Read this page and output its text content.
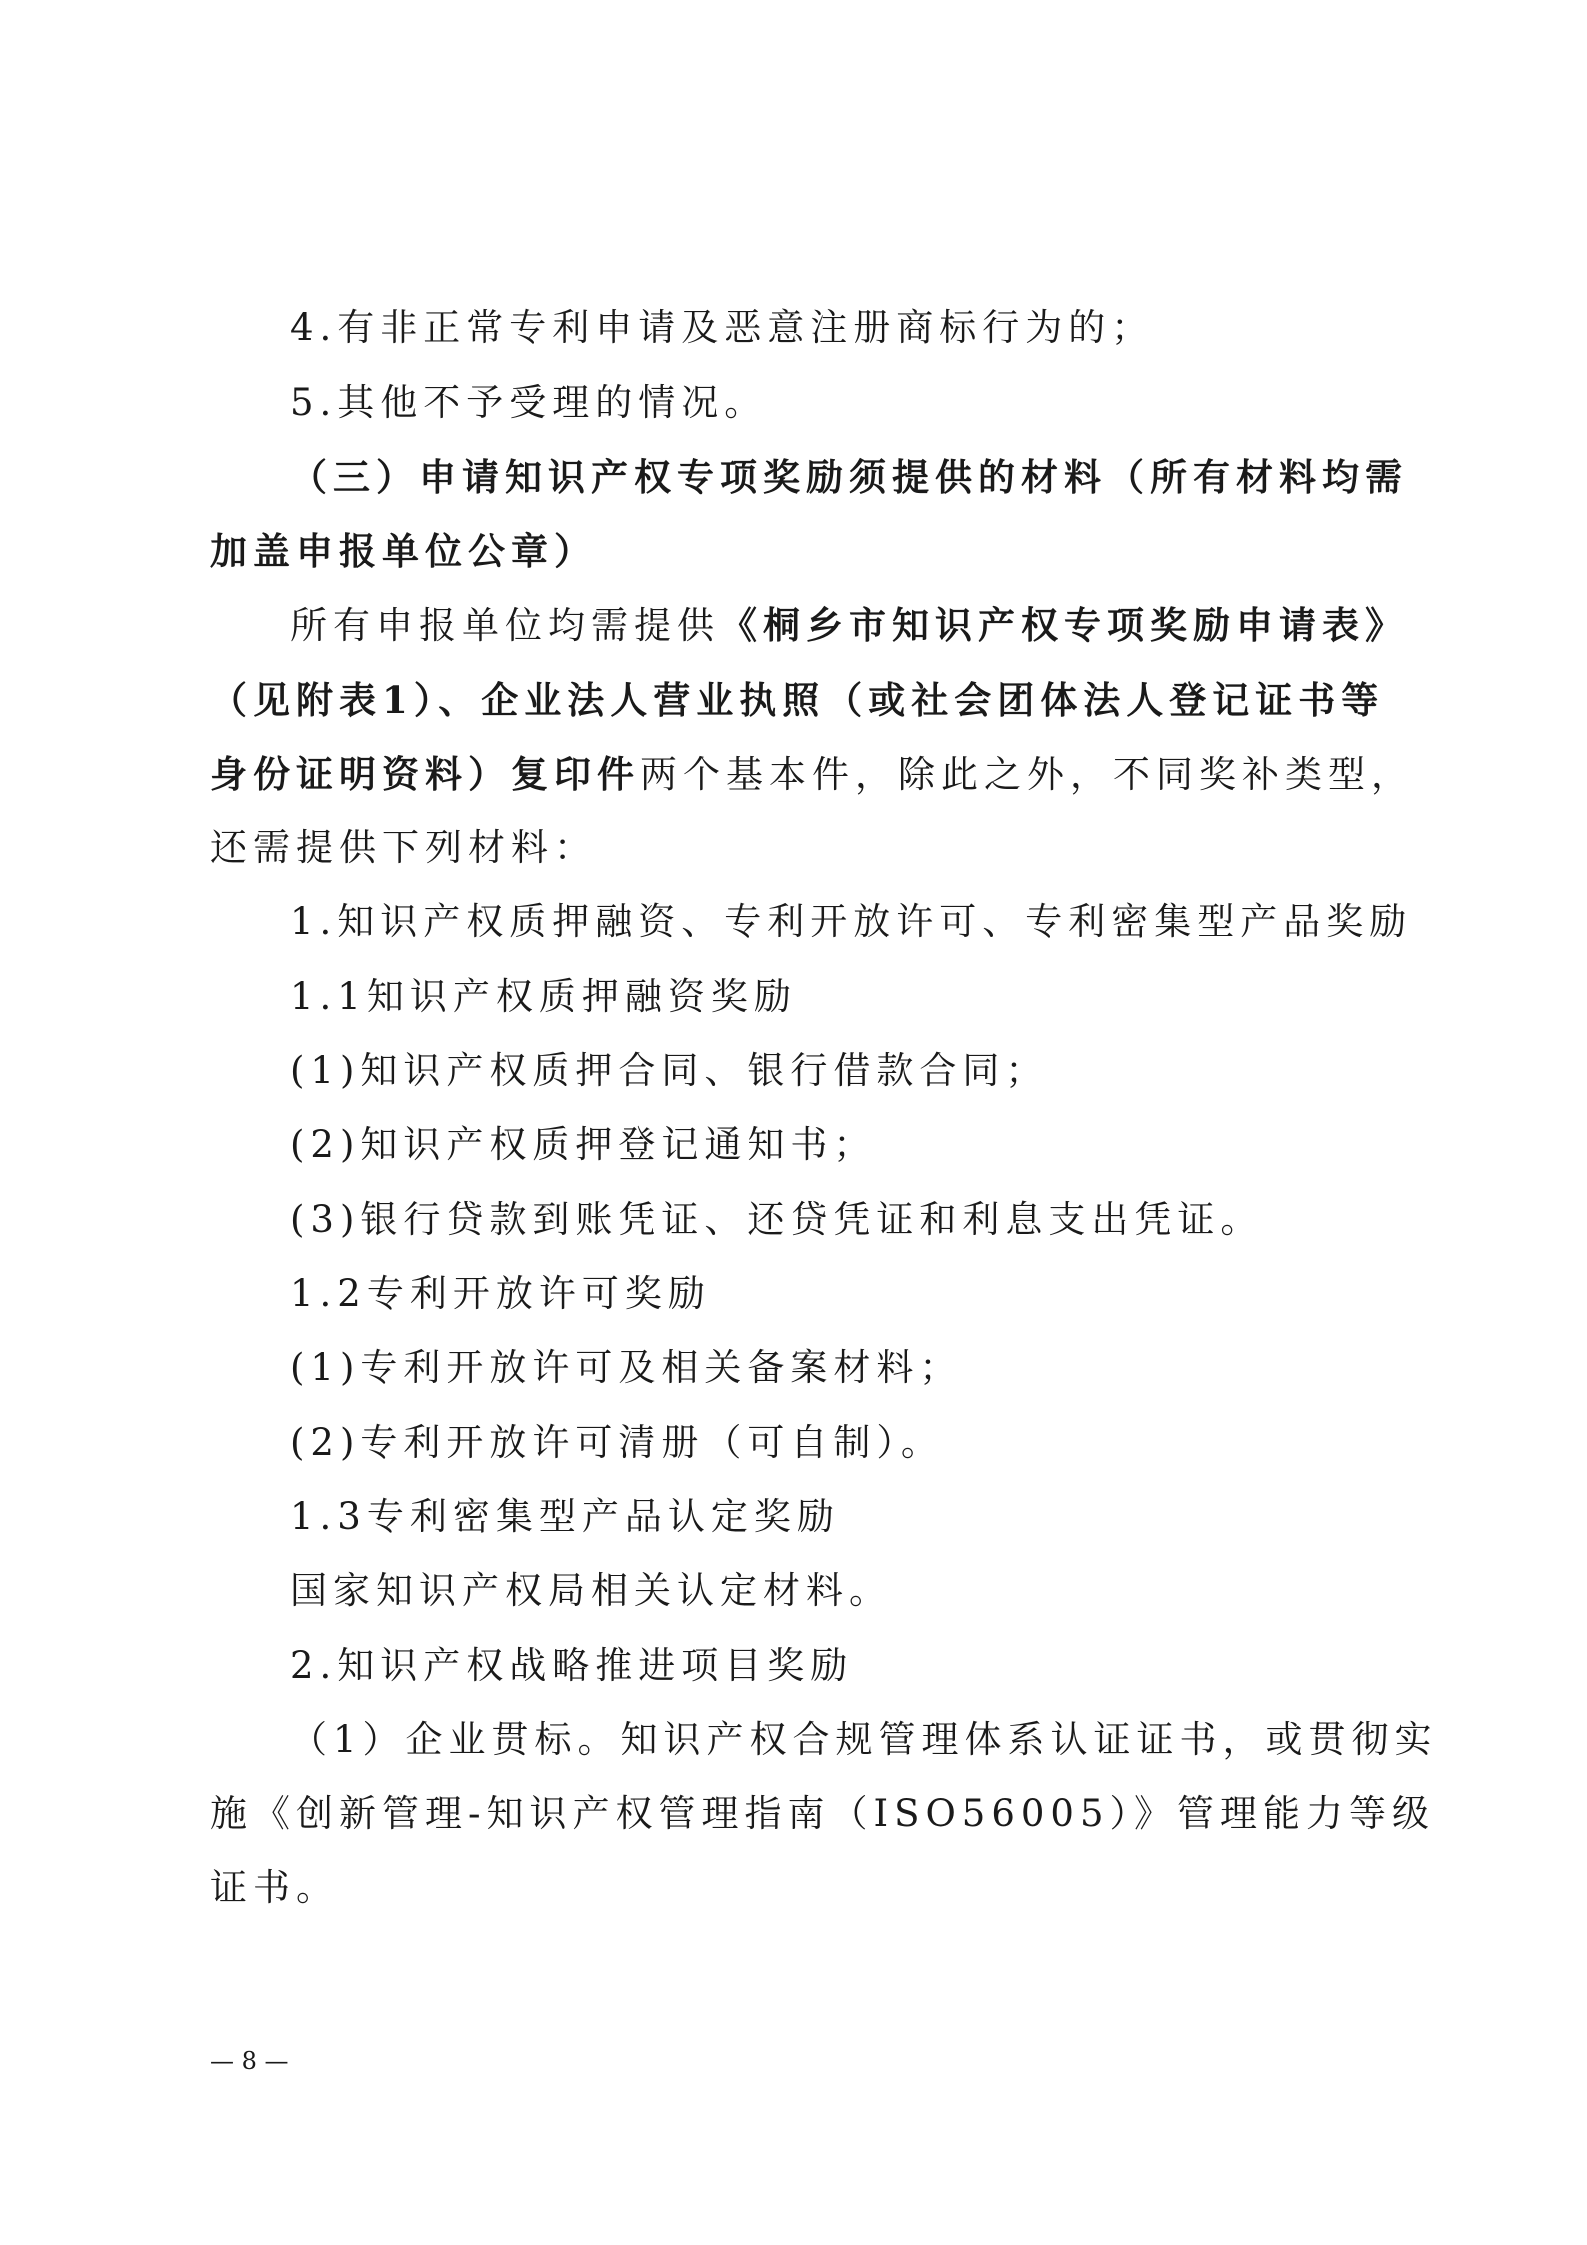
4.有非正常专利申请及恶意注册商标行为的；

5.其他不予受理的情况。

（三）申请知识产权专项奖励须提供的材料（所有材料均需

加盖申报单位公章）

所有申报单位均需提供《桐乡市知识产权专项奖励申请表》

（见附表1）、企业法人营业执照（或社会团体法人登记证书等

身份证明资料）复印件两个基本件，除此之外，不同奖补类型，

还需提供下列材料：

1.知识产权质押融资、专利开放许可、专利密集型产品奖励

1.1知识产权质押融资奖励

(1)知识产权质押合同、银行借款合同；

(2)知识产权质押登记通知书；

(3)银行贷款到账凭证、还贷凭证和利息支出凭证。

1.2专利开放许可奖励

(1)专利开放许可及相关备案材料；

(2)专利开放许可清册（可自制）。

1.3专利密集型产品认定奖励

国家知识产权局相关认定材料。

2.知识产权战略推进项目奖励

（1）企业贯标。知识产权合规管理体系认证证书，或贯彻实

施《创新管理-知识产权管理指南（ISO56005）》管理能力等级

证书。

— 8 —
